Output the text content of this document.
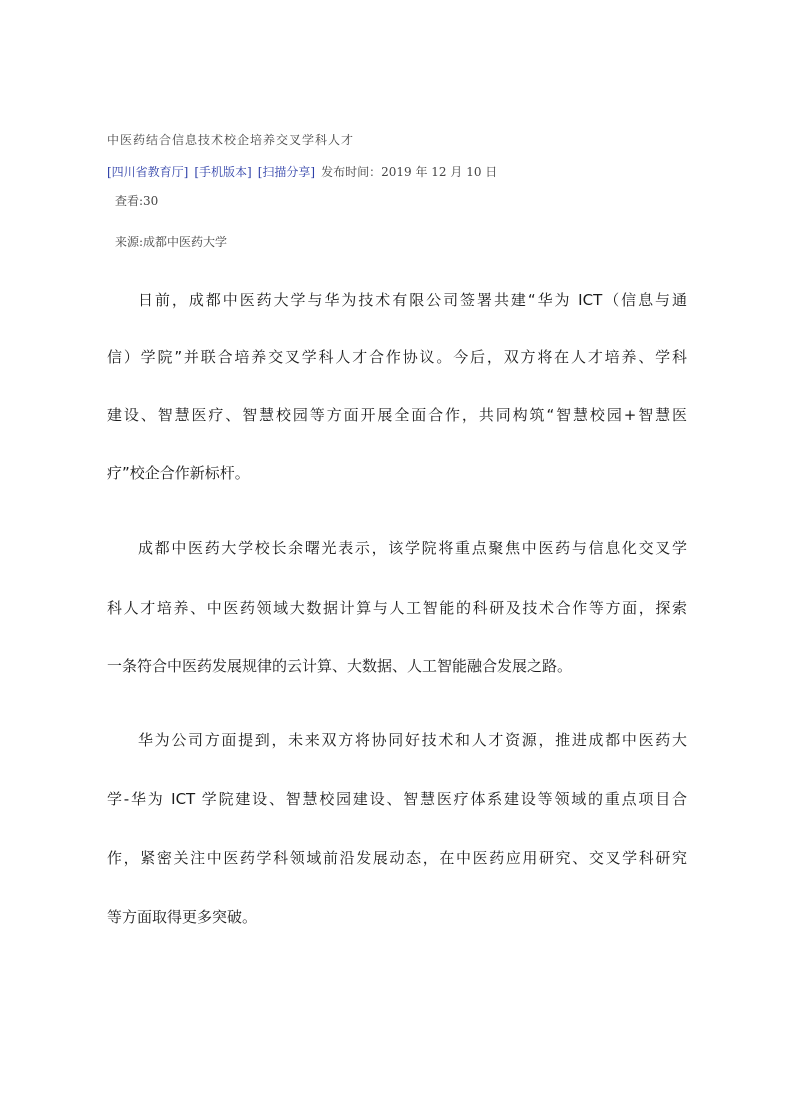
中医药结合信息技术校企培养交叉学科人才
[四川省教育厅] [手机版本] [扫描分享] 发布时间：2019 年 12 月 10 日
查看:30
来源:成都中医药大学
日前，成都中医药大学与华为技术有限公司签署共建“华为 ICT（信息与通
信）学院”并联合培养交叉学科人才合作协议。今后，双方将在人才培养、学科
建设、智慧医疗、智慧校园等方面开展全面合作，共同构筑“智慧校园+智慧医
疗”校企合作新标杆。
成都中医药大学校长余曙光表示，该学院将重点聚焦中医药与信息化交叉学
科人才培养、中医药领域大数据计算与人工智能的科研及技术合作等方面，探索
一条符合中医药发展规律的云计算、大数据、人工智能融合发展之路。
华为公司方面提到，未来双方将协同好技术和人才资源，推进成都中医药大
学-华为 ICT 学院建设、智慧校园建设、智慧医疗体系建设等领域的重点项目合
作，紧密关注中医药学科领域前沿发展动态，在中医药应用研究、交叉学科研究
等方面取得更多突破。
